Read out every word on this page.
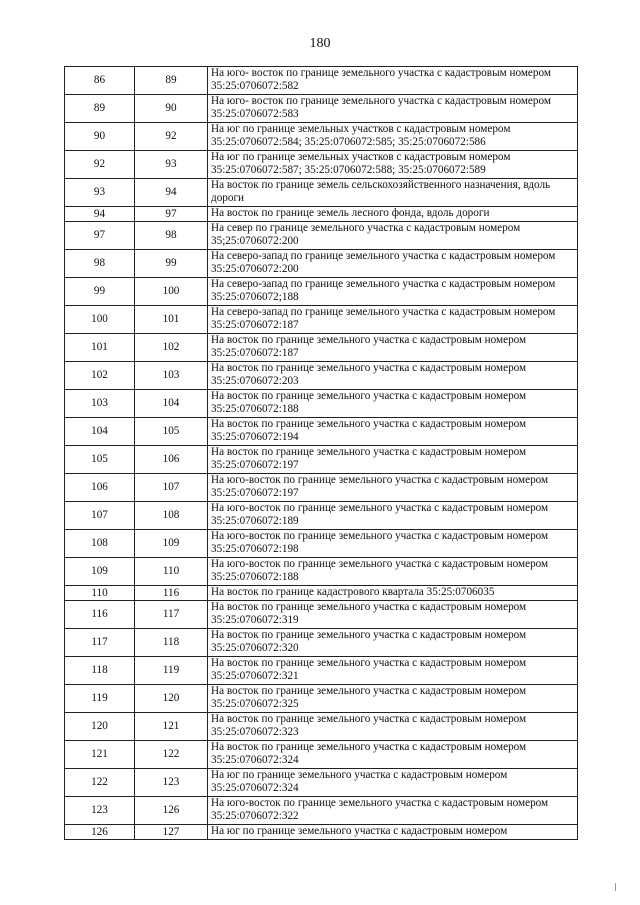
180
86	89	На юго- восток по границе земельного участка с кадастровым номером 35:25:0706072:582
89	90	На юго- восток по границе земельного участка с кадастровым номером 35:25:0706072:583
90	92	На юг по границе земельных участков с кадастровым номером 35:25:0706072:584; 35:25:0706072:585; 35:25:0706072:586
92	93	На юг по границе земельных участков с кадастровым номером 35:25:0706072:587; 35:25:0706072:588; 35:25:0706072:589
93	94	На восток по границе земель сельскохозяйственного назначения, вдоль дороги
94	97	На восток по границе земель лесного фонда, вдоль дороги
97	98	На север по границе земельного участка с кадастровым номером 35;25:0706072:200
98	99	На северо-запад по границе земельного участка с кадастровым номером 35:25:0706072:200
99	100	На северо-запад по границе земельного участка с кадастровым номером 35:25:0706072;188
100	101	На северо-запад по границе земельного участка с кадастровым номером 35:25:0706072:187
101	102	На восток по границе земельного участка с кадастровым номером 35:25:0706072:187
102	103	На восток по границе земельного участка с кадастровым номером 35:25:0706072:203
103	104	На восток по границе земельного участка с кадастровым номером 35:25:0706072:188
104	105	На восток по границе земельного участка с кадастровым номером 35:25:0706072:194
105	106	На восток по границе земельного участка с кадастровым номером 35:25:0706072:197
106	107	На юго-восток по границе земельного участка с кадастровым номером 35:25:0706072:197
107	108	На юго-восток по границе земельного участка с кадастровым номером 35:25:0706072:189
108	109	На юго-восток по границе земельного участка с кадастровым номером 35:25:0706072:198
109	110	На юго-восток по границе земельного участка с кадастровым номером 35:25:0706072:188
110	116	На восток по границе кадастрового квартала 35:25:0706035
116	117	На восток по границе земельного участка с кадастровым номером 35:25:0706072:319
117	118	На восток по границе земельного участка с кадастровым номером 35:25:0706072:320
118	119	На восток по границе земельного участка с кадастровым номером 35:25:0706072:321
119	120	На восток по границе земельного участка с кадастровым номером 35:25:0706072:325
120	121	На восток по границе земельного участка с кадастровым номером 35:25:0706072:323
121	122	На восток по границе земельного участка с кадастровым номером 35:25:0706072:324
122	123	На юг по границе земельного участка с кадастровым номером 35:25:0706072:324
123	126	На юго-восток по границе земельного участка с кадастровым номером 35:25:0706072:322
126	127	На юг по границе земельного участка с кадастровым номером
